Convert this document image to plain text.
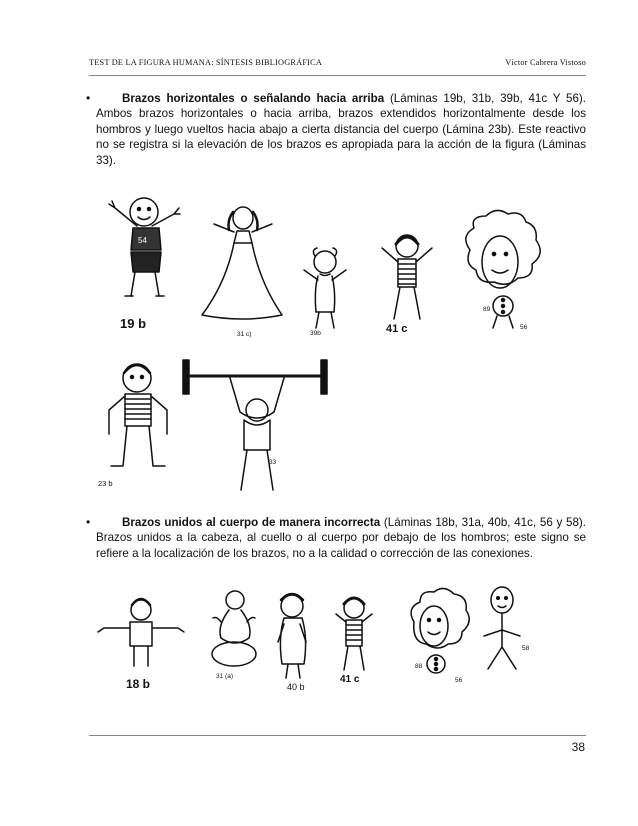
TEST DE LA FIGURA HUMANA: SÍNTESIS BIBLIOGRÁFICA	Víctor Cabrera Vistoso
•	Brazos horizontales o señalando hacia arriba (Láminas 19b, 31b, 39b, 41c Y 56). Ambos brazos horizontales o hacia arriba, brazos extendidos horizontalmente desde los hombros y luego vueltos hacia abajo a cierta distancia del cuerpo (Lámina 23b). Este reactivo no se registra si la elevación de los brazos es apropiada para la acción de la figura (Láminas 33).

•	Brazos unidos al cuerpo de manera incorrecta (Láminas 18b, 31a, 40b, 41c, 56 y 58). Brazos unidos a la cabeza, al cuello o al cuerpo por debajo de los hombros; este signo se refiere a la localización de los brazos, no a la calidad o corrección de las conexiones.

54
19 b
31 c)	39b	41 c	56
89
23 b
33
18 b
31 (a)
40 b
41 c	56
88
58
38
